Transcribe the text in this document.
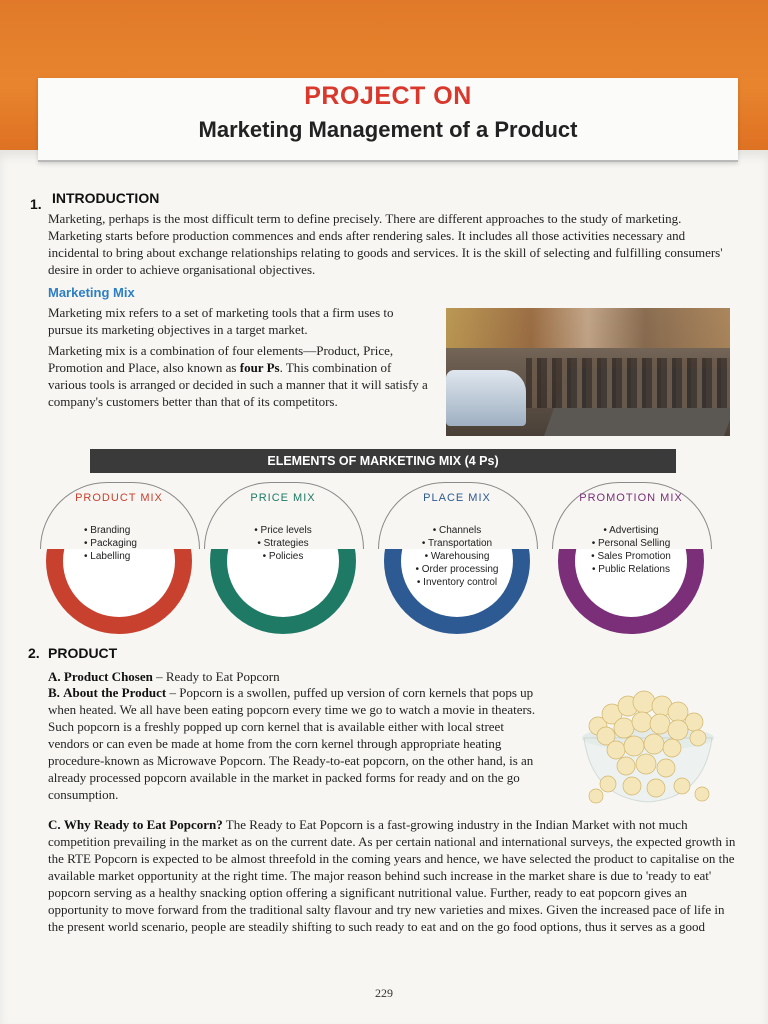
PROJECT ON
Marketing Management of a Product
1. INTRODUCTION
Marketing, perhaps is the most difficult term to define precisely. There are different approaches to the study of marketing. Marketing starts before production commences and ends after rendering sales. It includes all those activities necessary and incidental to bring about exchange relationships relating to goods and services. It is the skill of selecting and fulfilling consumers' desire in order to achieve organisational objectives.
Marketing Mix
Marketing mix refers to a set of marketing tools that a firm uses to pursue its marketing objectives in a target market.
Marketing mix is a combination of four elements—Product, Price, Promotion and Place, also known as four Ps. This combination of various tools is arranged or decided in such a manner that it will satisfy a company's customers better than that of its competitors.
ELEMENTS OF MARKETING MIX (4 Ps)
PRODUCT MIX
• Branding
• Packaging
• Labelling
PRICE MIX
• Price levels
• Strategies
• Policies
PLACE MIX
• Channels
• Transportation
• Warehousing
• Order processing
• Inventory control
PROMOTION MIX
• Advertising
• Personal Selling
• Sales Promotion
• Public Relations
2. PRODUCT
A. Product Chosen – Ready to Eat Popcorn
B. About the Product – Popcorn is a swollen, puffed up version of corn kernels that pops up when heated. We all have been eating popcorn every time we go to watch a movie in theaters. Such popcorn is a freshly popped up corn kernel that is available either with local street vendors or can even be made at home from the corn kernel through appropriate heating procedure-known as Microwave Popcorn. The Ready-to-eat popcorn, on the other hand, is an already processed popcorn available in the market in packed forms for ready and on the go consumption.
C. Why Ready to Eat Popcorn? The Ready to Eat Popcorn is a fast-growing industry in the Indian Market with not much competition prevailing in the market as on the current date. As per certain national and international surveys, the expected growth in the RTE Popcorn is expected to be almost threefold in the coming years and hence, we have selected the product to capitalise on the available market opportunity at the right time. The major reason behind such increase in the market share is due to 'ready to eat' popcorn serving as a healthy snacking option offering a significant nutritional value. Further, ready to eat popcorn gives an opportunity to move forward from the traditional salty flavour and try new varieties and mixes. Given the increased pace of life in the present world scenario, people are steadily shifting to such ready to eat and on the go food options, thus it serves as a good
229
